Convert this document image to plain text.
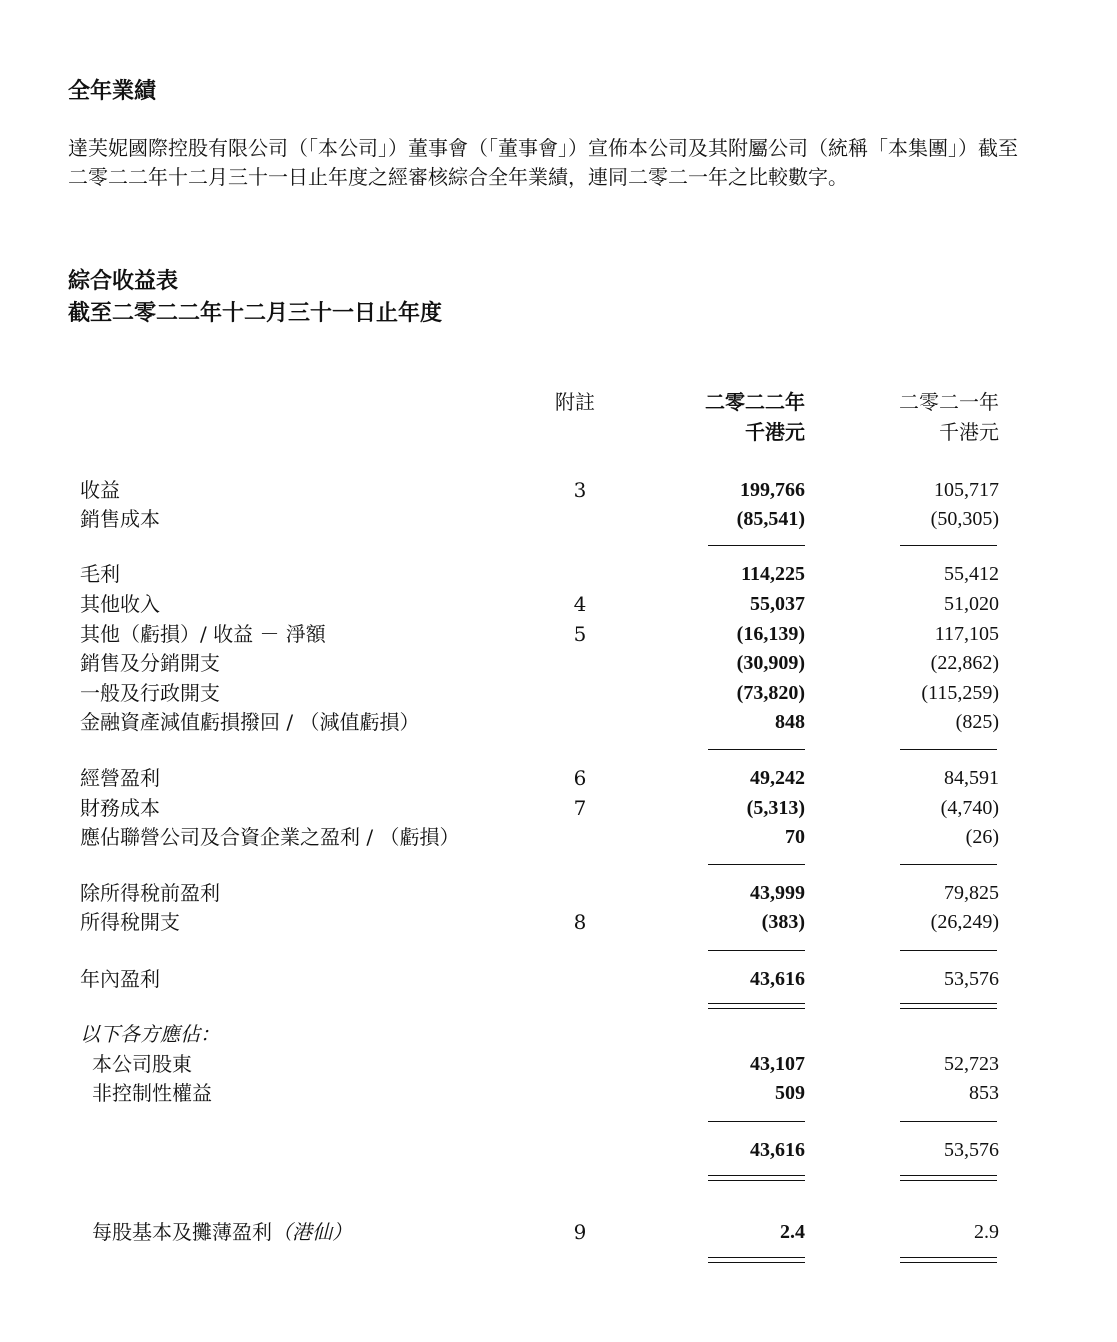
全年業績
達芙妮國際控股有限公司（「本公司」）董事會（「董事會」）宣佈本公司及其附屬公司（統稱「本集團」）截至二零二二年十二月三十一日止年度之經審核綜合全年業績，連同二零二一年之比較數字。
綜合收益表
截至二零二二年十二月三十一日止年度
附註	二零二二年
千港元
二零二一年
千港元
收益	3	199,766	105,717
銷售成本	(85,541)	(50,305)
毛利	114,225	55,412
其他收入	4	55,037	51,020
其他（虧損）/ 收益 － 淨額	5	(16,139)	117,105
銷售及分銷開支	(30,909)	(22,862)
一般及行政開支	(73,820)	(115,259)
金融資產減值虧損撥回 / （減值虧損）	848	(825)
經營盈利	6	49,242	84,591
財務成本	7	(5,313)	(4,740)
應佔聯營公司及合資企業之盈利 / （虧損）	70	(26)
除所得稅前盈利	43,999	79,825
所得稅開支	8	(383)	(26,249)
年內盈利	43,616	53,576
以下各方應佔：
本公司股東	43,107	52,723
非控制性權益	509	853
43,616	53,576
每股基本及攤薄盈利（港仙）	9	2.4	2.9
